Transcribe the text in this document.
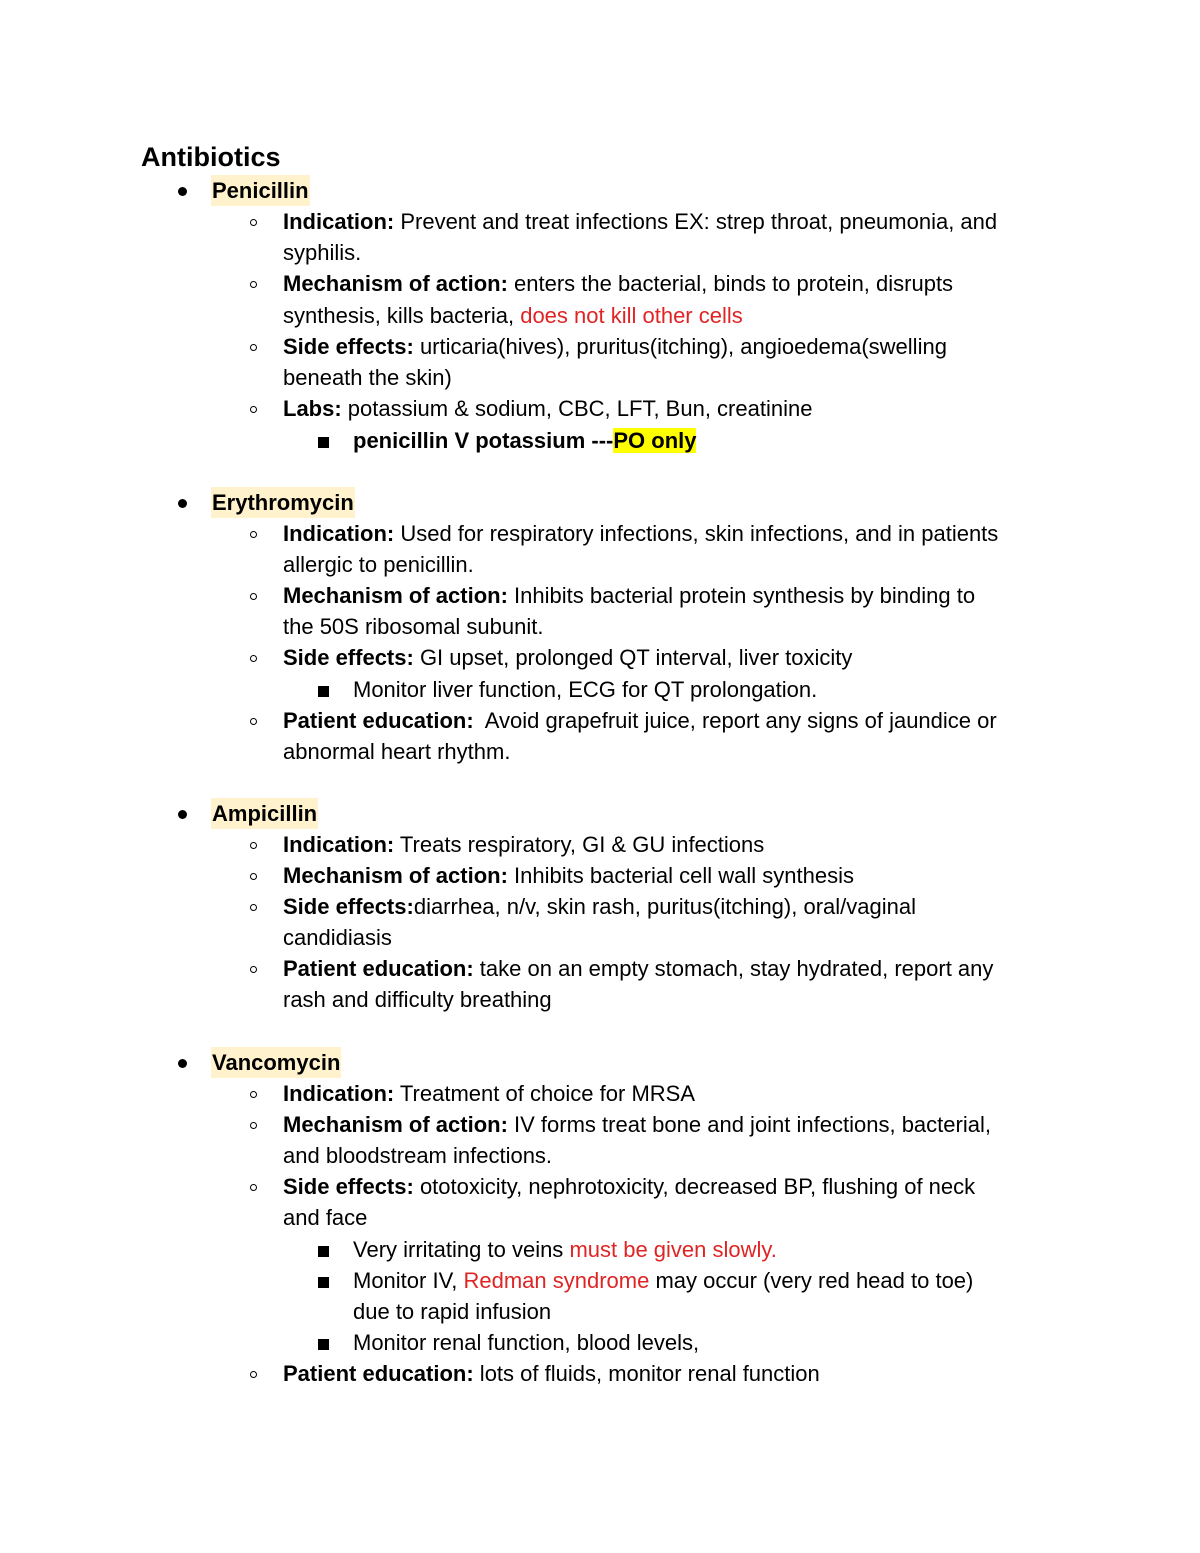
Antibiotics
Penicillin
Indication: Prevent and treat infections EX: strep throat, pneumonia, and
syphilis.
Mechanism of action: enters the bacterial, binds to protein, disrupts
synthesis, kills bacteria, does not kill other cells
Side effects: urticaria(hives), pruritus(itching), angioedema(swelling
beneath the skin)
Labs: potassium & sodium, CBC, LFT, Bun, creatinine
penicillin V potassium ---PO only
Erythromycin
Indication: Used for respiratory infections, skin infections, and in patients
allergic to penicillin.
Mechanism of action: Inhibits bacterial protein synthesis by binding to
the 50S ribosomal subunit.
Side effects: GI upset, prolonged QT interval, liver toxicity
Monitor liver function, ECG for QT prolongation.
Patient education:  Avoid grapefruit juice, report any signs of jaundice or
abnormal heart rhythm.
Ampicillin
Indication: Treats respiratory, GI & GU infections
Mechanism of action: Inhibits bacterial cell wall synthesis
Side effects:diarrhea, n/v, skin rash, puritus(itching), oral/vaginal
candidiasis
Patient education: take on an empty stomach, stay hydrated, report any
rash and difficulty breathing
Vancomycin
Indication: Treatment of choice for MRSA
Mechanism of action: IV forms treat bone and joint infections, bacterial,
and bloodstream infections.
Side effects: ototoxicity, nephrotoxicity, decreased BP, flushing of neck
and face
Very irritating to veins must be given slowly.
Monitor IV, Redman syndrome may occur (very red head to toe)
due to rapid infusion
Monitor renal function, blood levels,
Patient education: lots of fluids, monitor renal function
